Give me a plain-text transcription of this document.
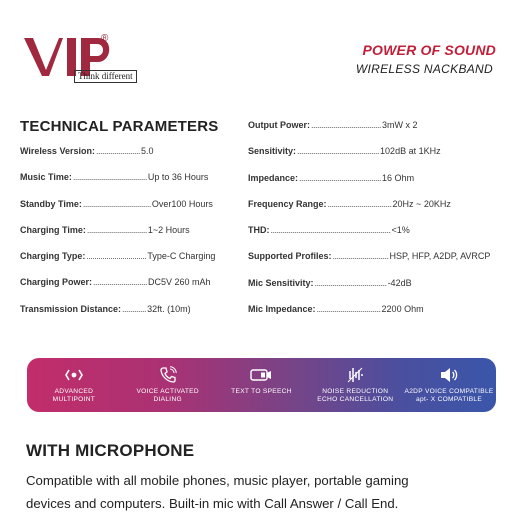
®
Think different
POWER OF SOUND
WIRELESS NACKBAND
TECHNICAL PARAMETERS
Wireless Version: ...................... 5.0
Music Time: ..................................... Up to 36 Hours
Standby Time: .................................. Over100 Hours
Charging Time: .............................. 1~2 Hours
Charging Type: .............................. Type-C Charging
Charging Power: ........................... DC5V 260 mAh
Transmission Distance: ............ 32ft. (10m)
Output Power: ................................... 3mW x 2
Sensitivity: ......................................... 102dB at 1KHz
Impedance: ......................................... 16 Ohm
Frequency Range: ................................ 20Hz ~ 20KHz
THD: ............................................................ <1%
Supported Profiles: ............................ HSP, HFP, A2DP, AVRCP
Mic Sensitivity: .................................... -42dB
Mic Impedance: ................................ 2200 Ohm
ADVANCED
MULTIPOINT
VOICE ACTIVATED
DIALING
TEXT TO SPEECH	NOISE REDUCTION
ECHO CANCELLATION
A2DP VOICE COMPATIBLE
apt- X COMPATIBLE
WITH MICROPHONE
Compatible with all mobile phones, music player, portable gaming
devices and computers. Built-in mic with Call Answer / Call End.
